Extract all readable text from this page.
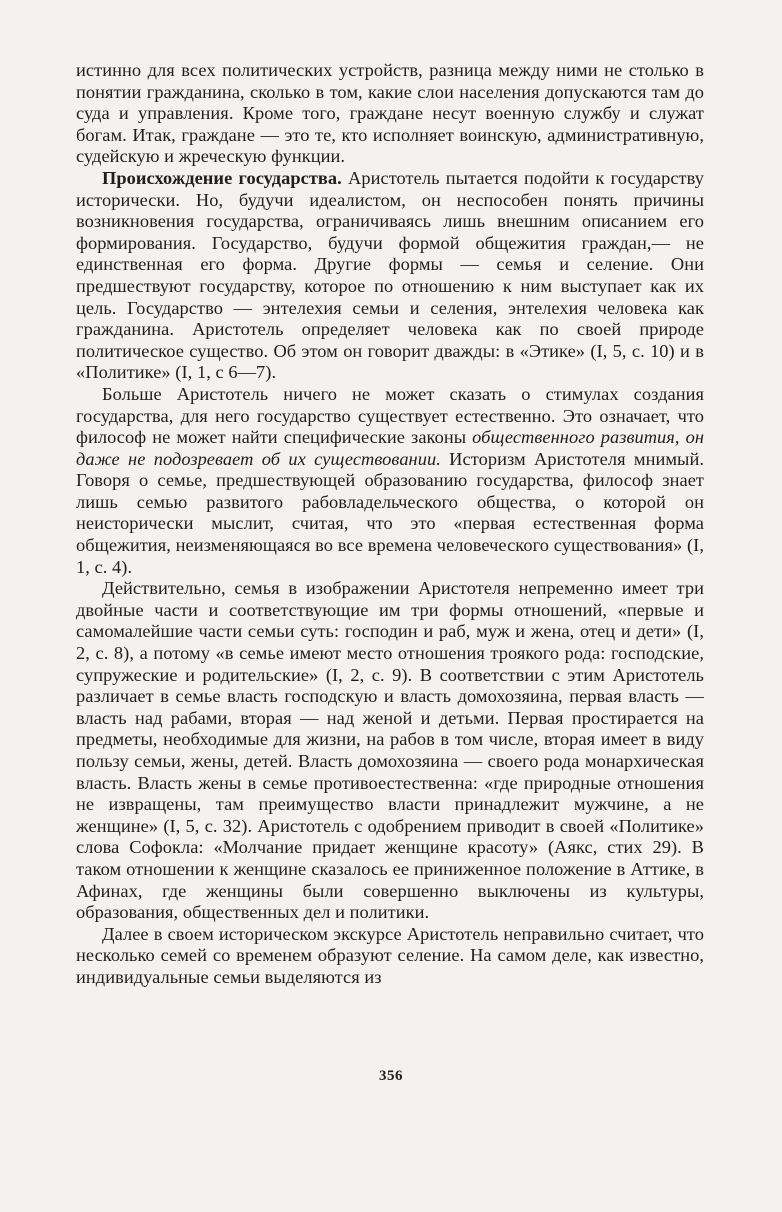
истинно для всех политических устройств, разница между ними не столько в понятии гражданина, сколько в том, какие слои населения допускаются там до суда и управления. Кроме того, граждане несут военную службу и служат богам. Итак, граждане — это те, кто исполняет воинскую, административную, судейскую и жреческую функции.

Происхождение государства. Аристотель пытается подойти к государству исторически. Но, будучи идеалистом, он неспособен понять причины возникновения государства, ограничиваясь лишь внешним описанием его формирования. Государство, будучи формой общежития граждан,— не единственная его форма. Другие формы — семья и селение. Они предшествуют государству, которое по отношению к ним выступает как их цель. Государство — энтелехия семьи и селения, энтелехия человека как гражданина. Аристотель определяет человека как по своей природе политическое существо. Об этом он говорит дважды: в «Этике» (I, 5, с. 10) и в «Политике» (I, 1, с 6—7).

Больше Аристотель ничего не может сказать о стимулах создания государства, для него государство существует естественно. Это означает, что философ не может найти специфические законы общественного развития, он даже не подозревает об их существовании. Историзм Аристотеля мнимый. Говоря о семье, предшествующей образованию государства, философ знает лишь семью развитого рабовладельческого общества, о которой он неисторически мыслит, считая, что это «первая естественная форма общежития, неизменяющаяся во все времена человеческого существования» (I, 1, с. 4).

Действительно, семья в изображении Аристотеля непременно имеет три двойные части и соответствующие им три формы отношений, «первые и самомалейшие части семьи суть: господин и раб, муж и жена, отец и дети» (I, 2, с. 8), а потому «в семье имеют место отношения троякого рода: господские, супружеские и родительские» (I, 2, с. 9). В соответствии с этим Аристотель различает в семье власть господскую и власть домохозяина, первая власть — власть над рабами, вторая — над женой и детьми. Первая простирается на предметы, необходимые для жизни, на рабов в том числе, вторая имеет в виду пользу семьи, жены, детей. Власть домохозяина — своего рода монархическая власть. Власть жены в семье противоестественна: «где природные отношения не извращены, там преимущество власти принадлежит мужчине, а не женщине» (I, 5, с. 32). Аристотель с одобрением приводит в своей «Политике» слова Софокла: «Молчание придает женщине красоту» (Аякс, стих 29). В таком отношении к женщине сказалось ее приниженное положение в Аттике, в Афинах, где женщины были совершенно выключены из культуры, образования, общественных дел и политики.

Далее в своем историческом экскурсе Аристотель неправильно считает, что несколько семей со временем образуют селение. На самом деле, как известно, индивидуальные семьи выделяются из

356
